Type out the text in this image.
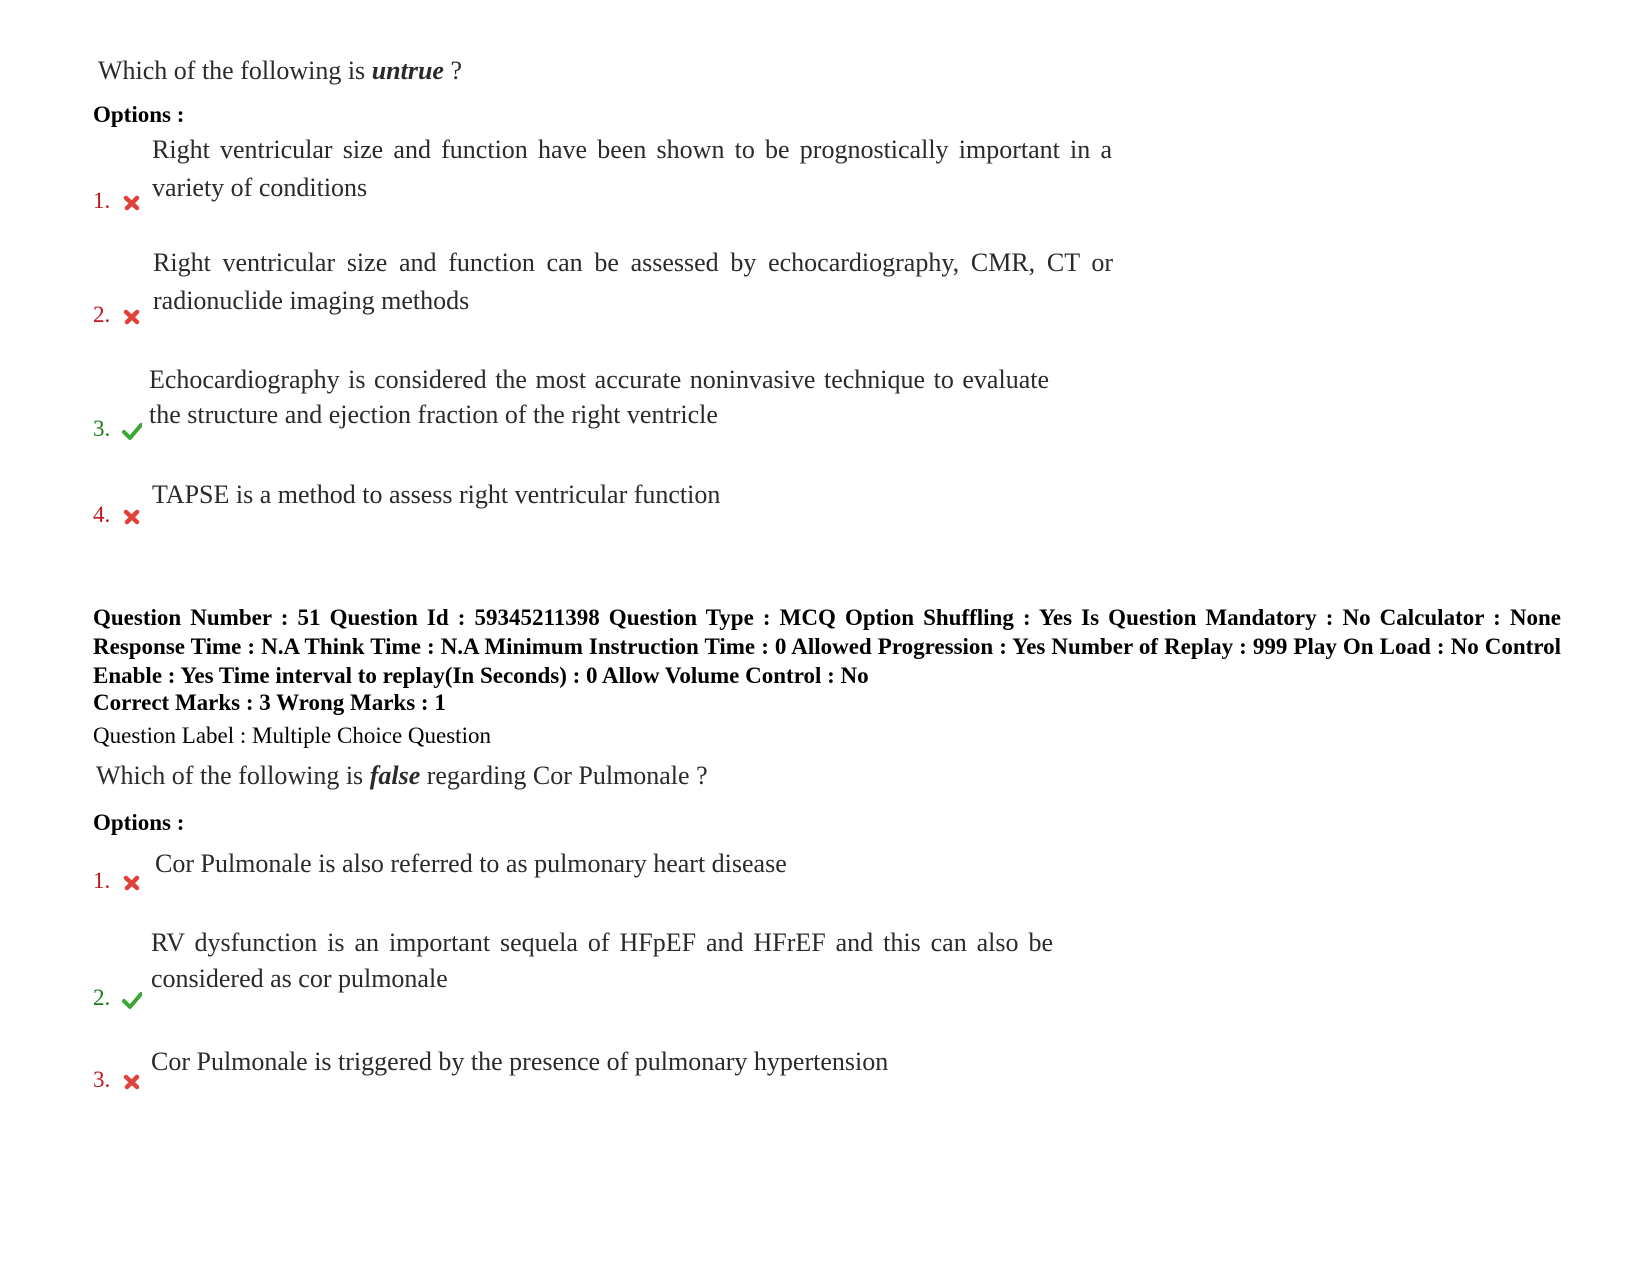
Which of the following is untrue ?
Options :
Right ventricular size and function have been shown to be prognostically important in a variety of conditions
1.
Right ventricular size and function can be assessed by echocardiography, CMR, CT or radionuclide imaging methods
2.
Echocardiography is considered the most accurate noninvasive technique to evaluate the structure and ejection fraction of the right ventricle
3.
TAPSE is a method to assess right ventricular function
4.
Question Number : 51 Question Id : 59345211398 Question Type : MCQ Option Shuffling : Yes Is Question Mandatory : No Calculator : None Response Time : N.A Think Time : N.A Minimum Instruction Time : 0 Allowed Progression : Yes Number of Replay : 999 Play On Load : No Control Enable : Yes Time interval to replay(In Seconds) : 0 Allow Volume Control : No
Correct Marks : 3 Wrong Marks : 1
Question Label : Multiple Choice Question
Which of the following is false regarding Cor Pulmonale ?
Options :
Cor Pulmonale is also referred to as pulmonary heart disease
1.
RV dysfunction is an important sequela of HFpEF and HFrEF and this can also be considered as cor pulmonale
2.
Cor Pulmonale is triggered by the presence of pulmonary hypertension
3.
